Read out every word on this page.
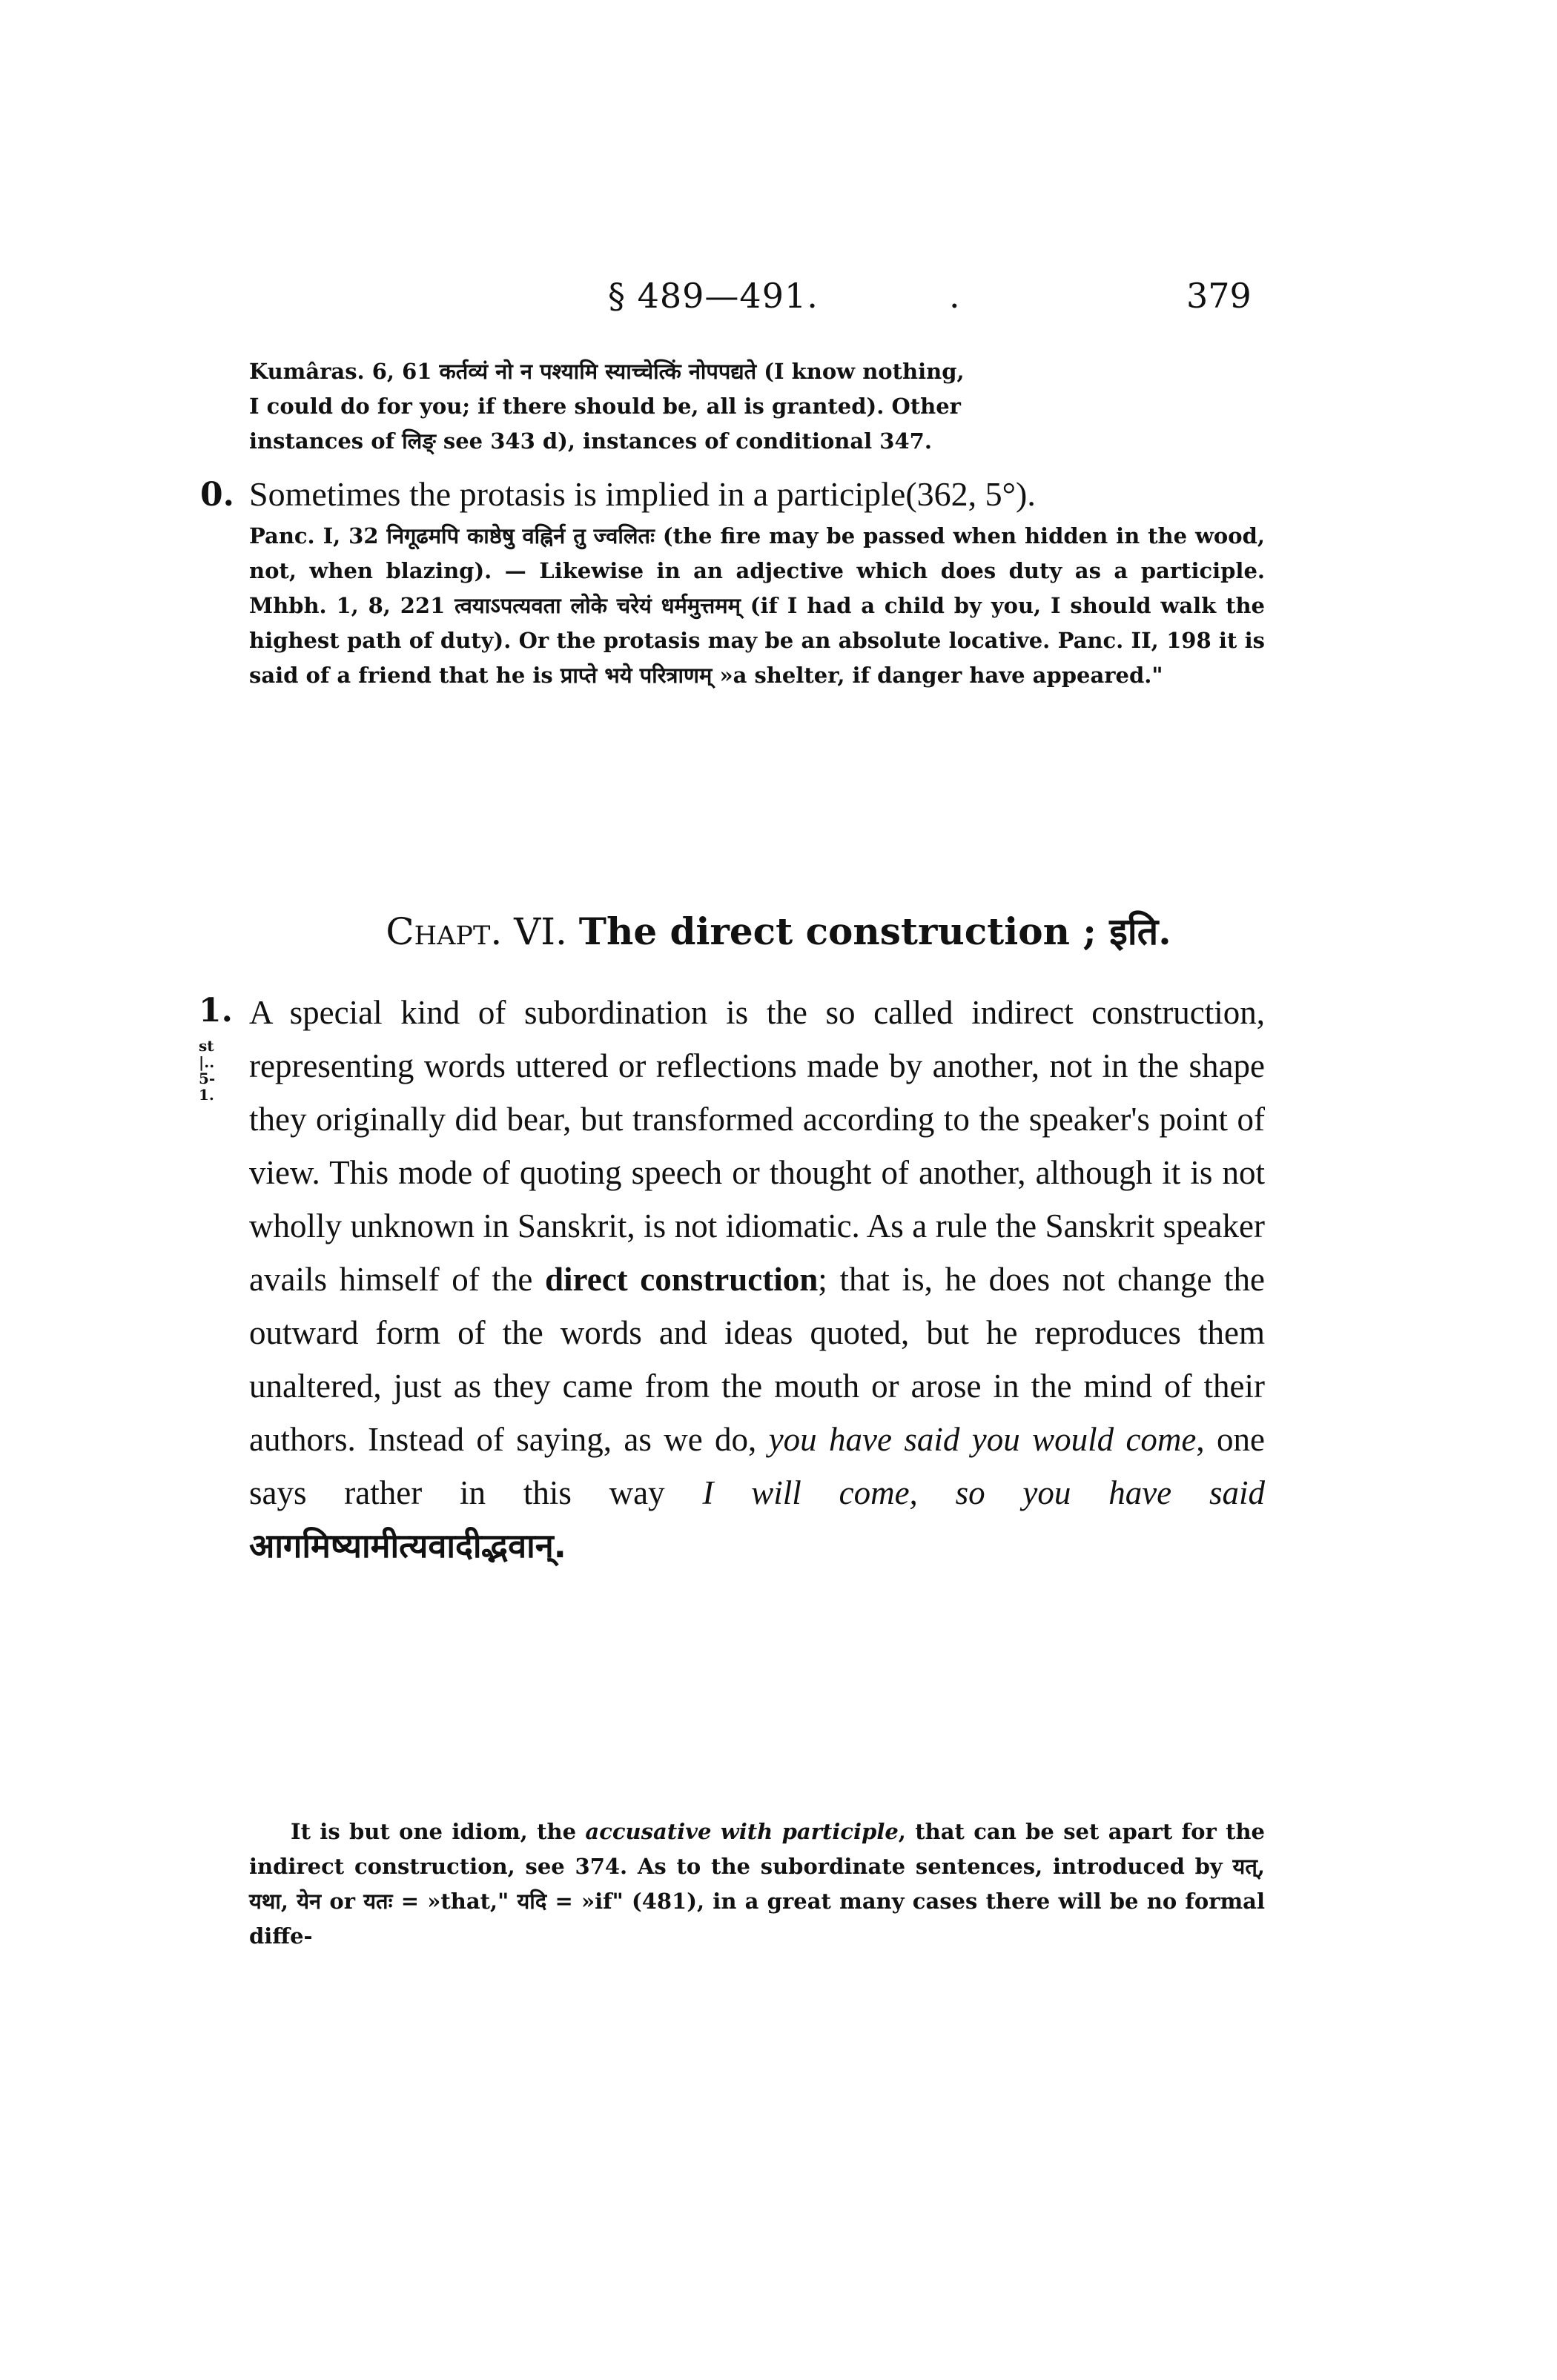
§ 489—491.	.	379

Kumâras. 6, 61 कर्तव्यं नो न पश्यामि स्याच्चेत्किं नोपपद्यते (I know nothing,

I could do for you; if there should be, all is granted). Other

instances of लिङ् see 343 d), instances of conditional 347.

0. Sometimes the protasis is implied in a participle(362, 5°).

Panc. I, 32 निगूढमपि काष्ठेषु वह्निर्न तु ज्वलितः (the fire may be passed when hidden in the wood, not, when blazing). — Likewise in an adjective which does duty as a participle. Mhbh. 1, 8, 221 त्वयाऽपत्यवता लोके चरेयं धर्ममुत्तमम् (if I had a child by you, I should walk the highest path of duty). Or the protasis may be an absolute locative. Panc. II, 198 it is said of a friend that he is प्राप्ते भये परित्राणम् »a shelter, if danger have appeared."

Chapt. VI. The direct construction ; इति.
1.
st
|..
5-
1.

A special kind of subordination is the so called indirect construction, representing words uttered or reflections made by another, not in the shape they originally did bear, but transformed according to the speaker's point of view. This mode of quoting speech or thought of another, although it is not wholly unknown in Sanskrit, is not idiomatic. As a rule the Sanskrit speaker avails himself of the direct construction; that is, he does not change the outward form of the words and ideas quoted, but he reproduces them unaltered, just as they came from the mouth or arose in the mind of their authors. Instead of saying, as we do, you have said you would come, one says rather in this way I will come, so you have said आगमिष्यामीत्यवादीद्भवान्.

It is but one idiom, the accusative with participle, that can be set apart for the indirect construction, see 374. As to the subordinate sentences, introduced by यत्, यथा, येन or यतः = »that," यदि = »if" (481), in a great many cases there will be no formal diffe-
